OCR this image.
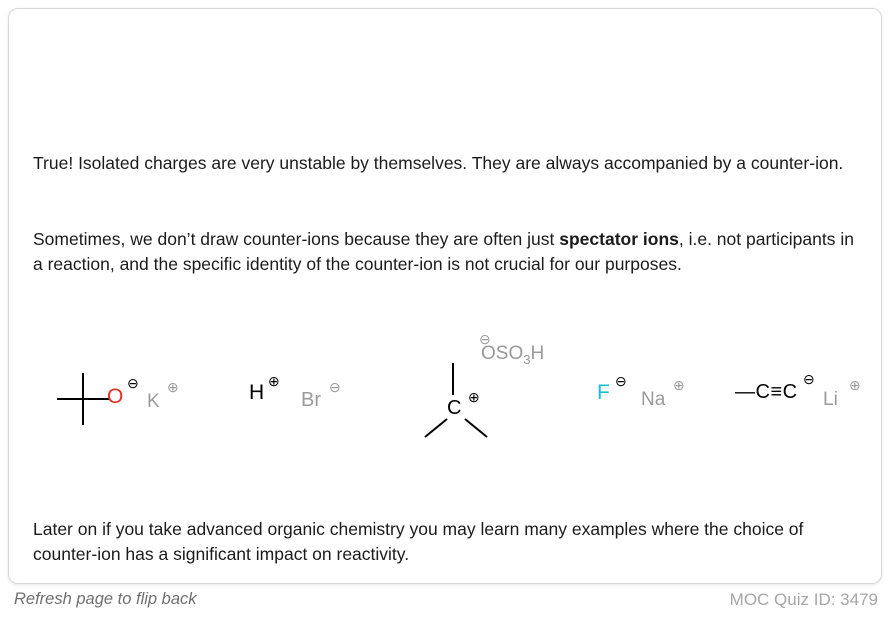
True! Isolated charges are very unstable by themselves. They are always accompanied by a counter-ion.
Sometimes, we don’t draw counter-ions because they are often just spectator ions, i.e. not participants in a reaction, and the specific identity of the counter-ion is not crucial for our purposes.
O
⊖
K
⊕	H ⊕
Br
⊖
⊖
$OSO_3H$
C ⊕	F ⊖
Na
⊕	—C≡C
⊖
Li
⊕
Later on if you take advanced organic chemistry you may learn many examples where the choice of counter-ion has a significant impact on reactivity.
Refresh page to flip back	MOC Quiz ID: 3479
